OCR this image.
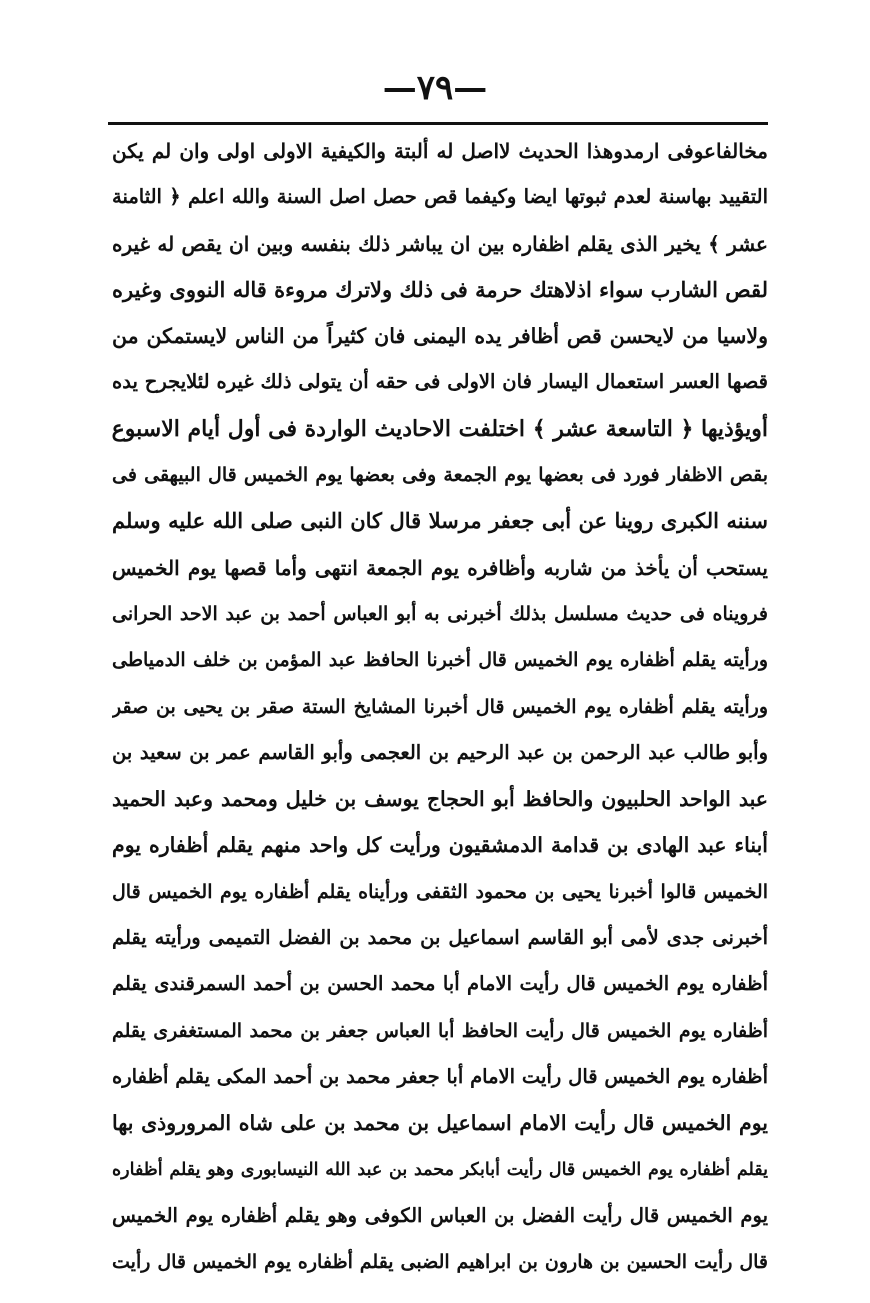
—٧٩—
مخالفاعوفى ارمدوهذا الحديث لااصل له ألبتة والكيفية الاولى اولى وان لم يكن
التقييد بهاسنة لعدم ثبوتها ايضا وكيفما قص حصل اصل السنة والله اعلم ﴿ الثامنة
عشر ﴾ يخير الذى يقلم اظفاره بين ان يباشر ذلك بنفسه وبين ان يقص له غيره
لقص الشارب سواء اذلاهتك حرمة فى ذلك ولاترك مروءة قاله النووى وغيره
ولاسيا من لايحسن قص أظافر يده اليمنى فان كثيراً من الناس لايستمكن من
قصها العسر استعمال اليسار فان الاولى فى حقه أن يتولى ذلك غيره لئلايجرح يده
أويؤذيها ﴿ التاسعة عشر ﴾ اختلفت الاحاديث الواردة فى أول أيام الاسبوع
بقص الاظفار فورد فى بعضها يوم الجمعة وفى بعضها يوم الخميس قال البيهقى فى
سننه الكبرى روينا عن أبى جعفر مرسلا قال كان النبى صلى الله عليه وسلم
يستحب أن يأخذ من شاربه وأظافره يوم الجمعة انتهى وأما قصها يوم الخميس
فرويناه فى حديث مسلسل بذلك أخبرنى به أبو العباس أحمد بن عبد الاحد الحرانى
ورأيته يقلم أظفاره يوم الخميس قال أخبرنا الحافظ عبد المؤمن بن خلف الدمياطى
ورأيته يقلم أظفاره يوم الخميس قال أخبرنا المشايخ الستة صقر بن يحيى بن صقر
وأبو طالب عبد الرحمن بن عبد الرحيم بن العجمى وأبو القاسم عمر بن سعيد بن
عبد الواحد الحلبيون والحافظ أبو الحجاج يوسف بن خليل ومحمد وعبد الحميد
أبناء عبد الهادى بن قدامة الدمشقيون ورأيت كل واحد منهم يقلم أظفاره يوم
الخميس قالوا أخبرنا يحيى بن محمود الثقفى ورأيناه يقلم أظفاره يوم الخميس قال
أخبرنى جدى لأمى أبو القاسم اسماعيل بن محمد بن الفضل التميمى ورأيته يقلم
أظفاره يوم الخميس قال رأيت الامام أبا محمد الحسن بن أحمد السمرقندى يقلم
أظفاره يوم الخميس قال رأيت الحافظ أبا العباس جعفر بن محمد المستغفرى يقلم
أظفاره يوم الخميس قال رأيت الامام أبا جعفر محمد بن أحمد المكى يقلم أظفاره
يوم الخميس قال رأيت الامام اسماعيل بن محمد بن على شاه المروروذى بها
يقلم أظفاره يوم الخميس قال رأيت أبابكر محمد بن عبد الله النيسابورى وهو يقلم أظفاره
يوم الخميس قال رأيت الفضل بن العباس الكوفى وهو يقلم أظفاره يوم الخميس
قال رأيت الحسين بن هارون بن ابراهيم الضبى يقلم أظفاره يوم الخميس قال رأيت
